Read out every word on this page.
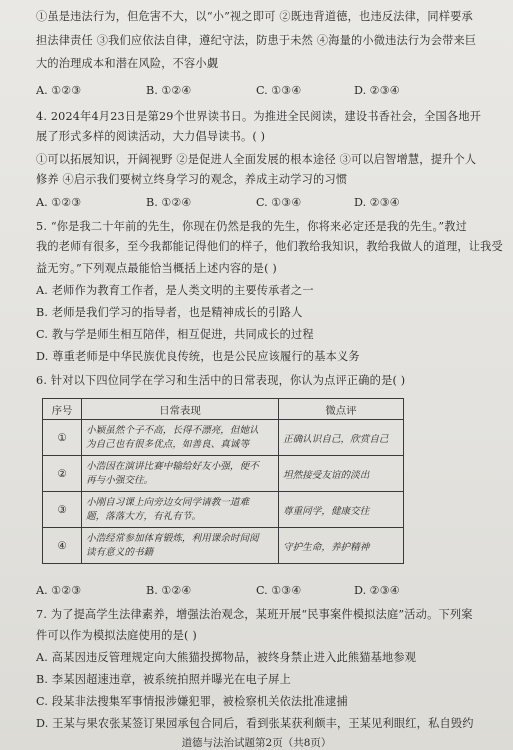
①虽是违法行为，但危害不大，以“小”视之即可 ②既违背道德，也违反法律，同样要承
担法律责任 ③我们应依法自律，遵纪守法，防患于未然 ④海量的小微违法行为会带来巨
大的治理成本和潜在风险，不容小觑
A. ①②③	B. ①②④	C. ①③④	D. ②③④
4. 2024年4月23日是第29个世界读书日。为推进全民阅读，建设书香社会，全国各地开
展了形式多样的阅读活动，大力倡导读书。( )
①可以拓展知识，开阔视野 ②是促进人全面发展的根本途径 ③可以启智增慧，提升个人
修养 ④启示我们要树立终身学习的观念，养成主动学习的习惯
A. ①②③	B. ①②④	C. ①③④	D. ②③④
5. “你是我二十年前的先生，你现在仍然是我的先生，你将来必定还是我的先生。”教过
我的老师有很多，至今我都能记得他们的样子，他们教给我知识，教给我做人的道理，让我受
益无穷。”下列观点最能恰当概括上述内容的是( )
A. 老师作为教育工作者，是人类文明的主要传承者之一
B. 老师是我们学习的指导者，也是精神成长的引路人
C. 教与学是师生相互陪伴，相互促进，共同成长的过程
D. 尊重老师是中华民族优良传统，也是公民应该履行的基本义务
6. 针对以下四位同学在学习和生活中的日常表现，你认为点评正确的是( )
序号	日常表现	微点评
①	小颖虽然个子不高，长得不漂亮，但她认
为自己也有很多优点，如善良、真诚等	正确认识自己，欣赏自己
②	小浩因在演讲比赛中输给好友小强，便不
再与小强交往。	坦然接受友谊的淡出
③	小刚自习课上向旁边女同学请教一道难
题，落落大方，有礼有节。	尊重同学，健康交往
④	小浩经常参加体育锻炼，利用课余时间阅
读有意义的书籍	守护生命，养护精神
A. ①②③	B. ①②④	C. ①③④	D. ②③④
7. 为了提高学生法律素养，增强法治观念，某班开展“民事案件模拟法庭”活动。下列案
件可以作为模拟法庭使用的是( )
A. 高某因违反管理规定向大熊猫投掷物品，被终身禁止进入此熊猫基地参观
B. 李某因超速违章，被系统拍照并曝光在电子屏上
C. 段某非法搜集军事情报涉嫌犯罪，被检察机关依法批准逮捕
D. 王某与果农张某签订果园承包合同后，看到张某获利颇丰，王某见利眼红，私自毁约
道德与法治试题第2页（共8页）
